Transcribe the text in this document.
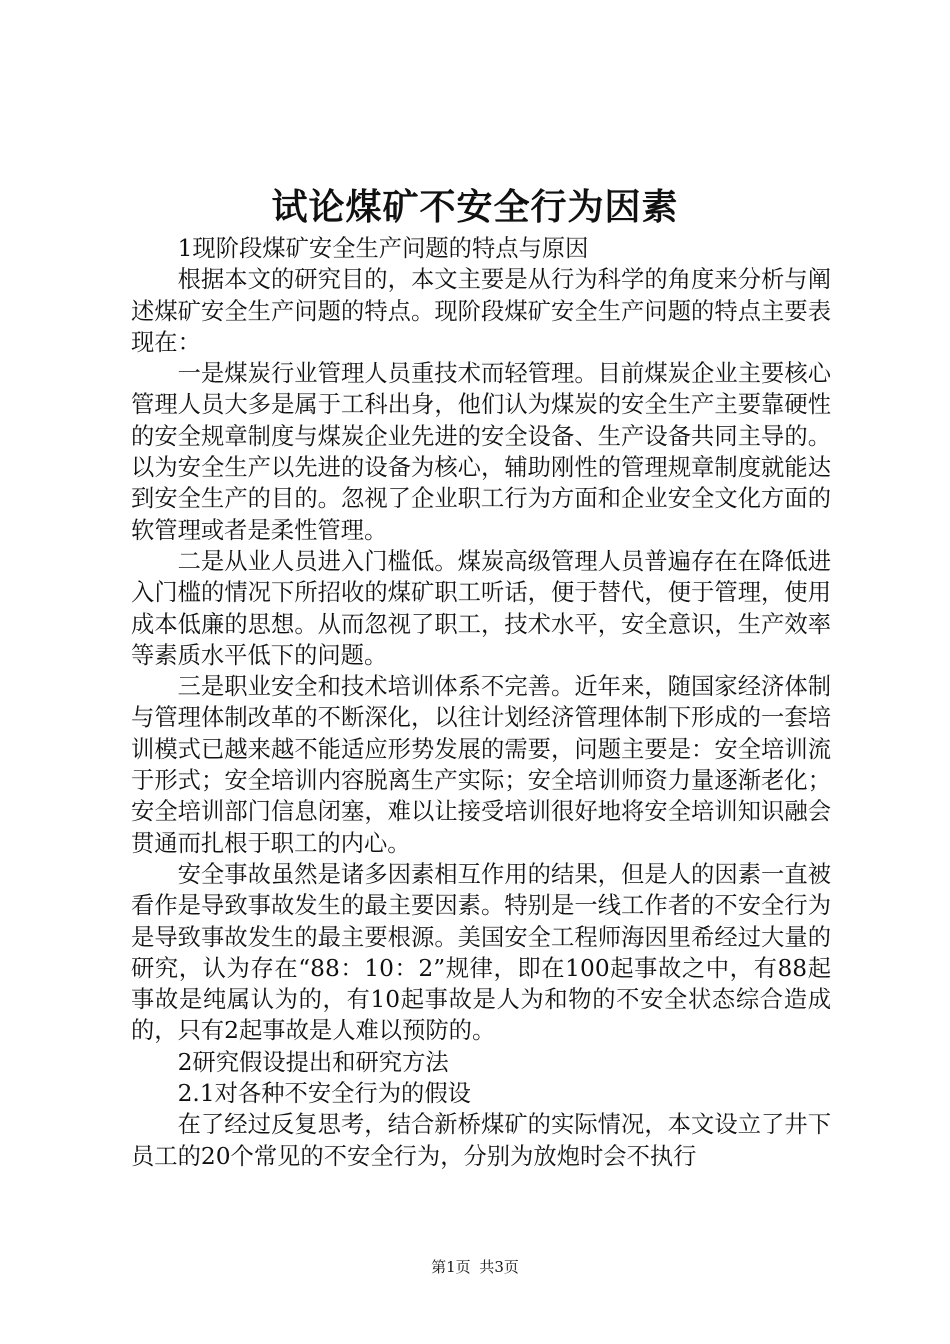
试论煤矿不安全行为因素

1现阶段煤矿安全生产问题的特点与原因

根据本文的研究目的，本文主要是从行为科学的角度来分析与阐述煤矿安全生产问题的特点。现阶段煤矿安全生产问题的特点主要表现在：

一是煤炭行业管理人员重技术而轻管理。目前煤炭企业主要核心管理人员大多是属于工科出身，他们认为煤炭的安全生产主要靠硬性的安全规章制度与煤炭企业先进的安全设备、生产设备共同主导的。以为安全生产以先进的设备为核心，辅助刚性的管理规章制度就能达到安全生产的目的。忽视了企业职工行为方面和企业安全文化方面的软管理或者是柔性管理。

二是从业人员进入门槛低。煤炭高级管理人员普遍存在在降低进入门槛的情况下所招收的煤矿职工听话，便于替代，便于管理，使用成本低廉的思想。从而忽视了职工，技术水平，安全意识，生产效率等素质水平低下的问题。

三是职业安全和技术培训体系不完善。近年来，随国家经济体制与管理体制改革的不断深化，以往计划经济管理体制下形成的一套培训模式已越来越不能适应形势发展的需要，问题主要是：安全培训流于形式；安全培训内容脱离生产实际；安全培训师资力量逐渐老化；安全培训部门信息闭塞，难以让接受培训很好地将安全培训知识融会贯通而扎根于职工的内心。

安全事故虽然是诸多因素相互作用的结果，但是人的因素一直被看作是导致事故发生的最主要因素。特别是一线工作者的不安全行为是导致事故发生的最主要根源。美国安全工程师海因里希经过大量的研究，认为存在“88：10：2”规律，即在100起事故之中，有88起事故是纯属认为的，有10起事故是人为和物的不安全状态综合造成的，只有2起事故是人难以预防的。

2研究假设提出和研究方法

2.1对各种不安全行为的假设

在了经过反复思考，结合新桥煤矿的实际情况，本文设立了井下员工的20个常见的不安全行为，分别为放炮时会不执行

第1页 共3页
